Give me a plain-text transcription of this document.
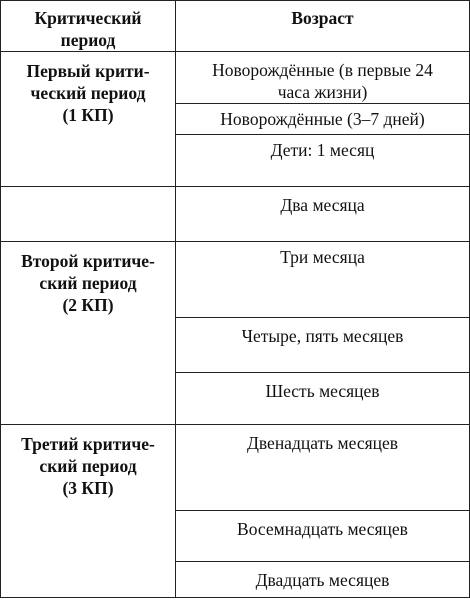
Критический
период	Возраст

Первый крити-
ческий период
(1 КП)	Новорождённые (в первые 24
часа жизни)

	Новорождённые (3–7 дней)

	Дети: 1 месяц

	Два месяца

Второй критиче-
ский период
(2 КП)	Три месяца

	Четыре, пять месяцев

	Шесть месяцев

Третий критиче-
ский период
(3 КП)	Двенадцать месяцев

	Восемнадцать месяцев

	Двадцать месяцев
